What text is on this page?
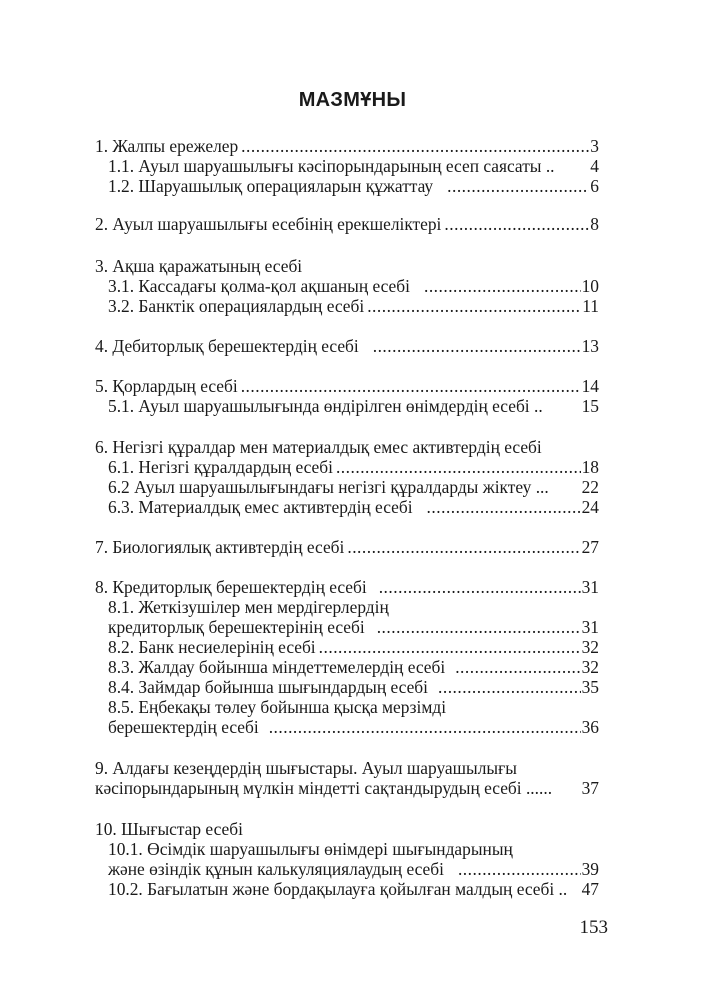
МАЗМҰНЫ
1. Жалпы ережелер .....	3
1.1. Ауыл шаруашылығы кәсіпорындарының есеп саясаты .. 4
1.2. Шаруашылық операцияларын құжаттау .....	6
2. Ауыл шаруашылығы есебінің ерекшеліктері .....	8
3. Ақша қаражатының есебі
3.1. Кассадағы қолма-қол ақшаның есебі .....	10
3.2. Банктік операциялардың есебі .....	11
4. Дебиторлық берешектердің есебі .....	13
5. Қорлардың есебі .....	14
5.1. Ауыл шаруашылығында өндірілген өнімдердің есебі .. 15
6. Негізгі құралдар мен материалдық емес активтердің есебі
6.1. Негізгі құралдардың есебі .....	18
6.2 Ауыл шаруашылығындағы негізгі құралдарды жіктеу ... 22
6.3. Материалдық емес активтердің есебі .....	24
7. Биологиялық активтердің есебі .....	27
8. Кредиторлық берешектердің есебі .....	31
8.1. Жеткізушілер мен мердігерлердің
кредиторлық берешектерінің есебі .....	31
8.2. Банк несиелерінің есебі .....	32
8.3. Жалдау бойынша міндеттемелердің есебі .....	32
8.4. Займдар бойынша шығындардың есебі .....	35
8.5. Еңбекақы төлеу бойынша қысқа мерзімді
берешектердің есебі .....	36
9. Алдағы кезеңдердің шығыстары. Ауыл шаруашылығы
кәсіпорындарының мүлкін міндетті сақтандырудың есебі ...... 37
10. Шығыстар есебі
10.1. Өсімдік шаруашылығы өнімдері шығындарының
және өзіндік құнын калькуляциялаудың есебі .....	39
10.2. Бағылатын және бордақылауға қойылған малдың есебі .. 47
153
